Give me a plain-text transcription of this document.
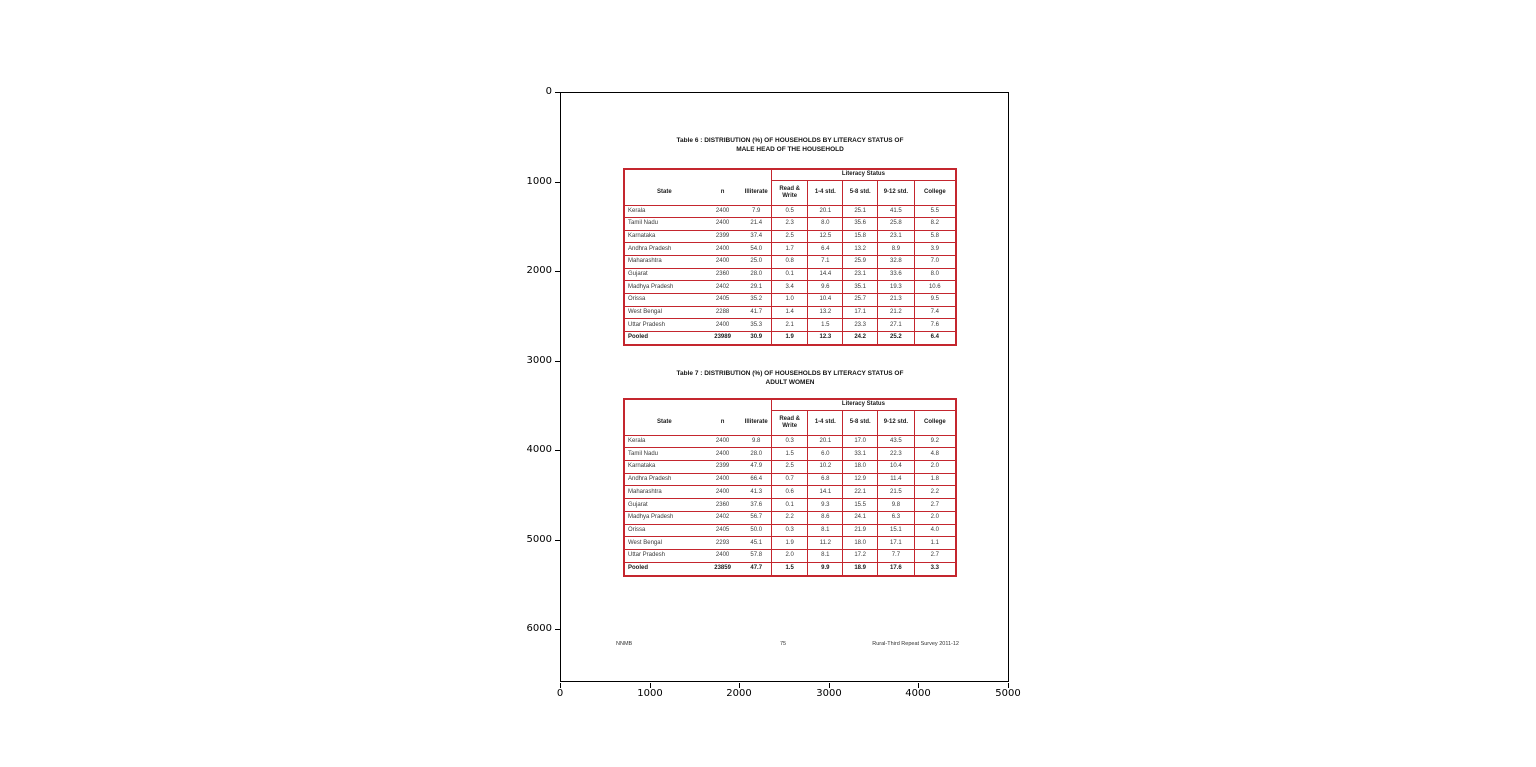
0
1000
2000
3000
4000
5000
6000
0	1000	2000	3000	4000	5000
Table 6 : DISTRIBUTION (%) OF HOUSEHOLDS BY LITERACY STATUS OF
MALE HEAD OF THE HOUSEHOLD
			Literacy Status				
State	n	Illiterate	Read & Write	1-4 std.	5-8 std.	9-12 std.	College
Kerala	2400	7.9	0.5	20.1	25.1	41.5	5.5
Tamil Nadu	2400	21.4	2.3	8.0	35.6	25.8	8.2
Karnataka	2399	37.4	2.5	12.5	15.8	23.1	5.8
Andhra Pradesh	2400	54.0	1.7	6.4	13.2	8.9	3.9
Maharashtra	2400	25.0	0.8	7.1	25.9	32.8	7.0
Gujarat	2360	28.0	0.1	14.4	23.1	33.6	8.0
Madhya Pradesh	2402	29.1	3.4	9.6	35.1	19.3	10.6
Orissa	2405	35.2	1.0	10.4	25.7	21.3	9.5
West Bengal	2288	41.7	1.4	13.2	17.1	21.2	7.4
Uttar Pradesh	2400	35.3	2.1	1.5	23.3	27.1	7.6
Pooled	23989	30.9	1.9	12.3	24.2	25.2	6.4
Table 7 : DISTRIBUTION (%) OF HOUSEHOLDS BY LITERACY STATUS OF
ADULT WOMEN
			Literacy Status				
State	n	Illiterate	Read & Write	1-4 std.	5-8 std.	9-12 std.	College
Kerala	2400	9.8	0.3	20.1	17.0	43.5	9.2
Tamil Nadu	2400	28.0	1.5	6.0	33.1	22.3	4.8
Karnataka	2399	47.9	2.5	10.2	18.0	10.4	2.0
Andhra Pradesh	2400	66.4	0.7	6.8	12.9	11.4	1.8
Maharashtra	2400	41.3	0.6	14.1	22.1	21.5	2.2
Gujarat	2360	37.6	0.1	9.3	15.5	9.8	2.7
Madhya Pradesh	2402	56.7	2.2	8.6	24.1	6.3	2.0
Orissa	2405	50.0	0.3	8.1	21.9	15.1	4.0
West Bengal	2293	45.1	1.9	11.2	18.0	17.1	1.1
Uttar Pradesh	2400	57.8	2.0	8.1	17.2	7.7	2.7
Pooled	23859	47.7	1.5	9.9	18.9	17.6	3.3
NNMB	75	Rural-Third Repeat Survey 2011-12
